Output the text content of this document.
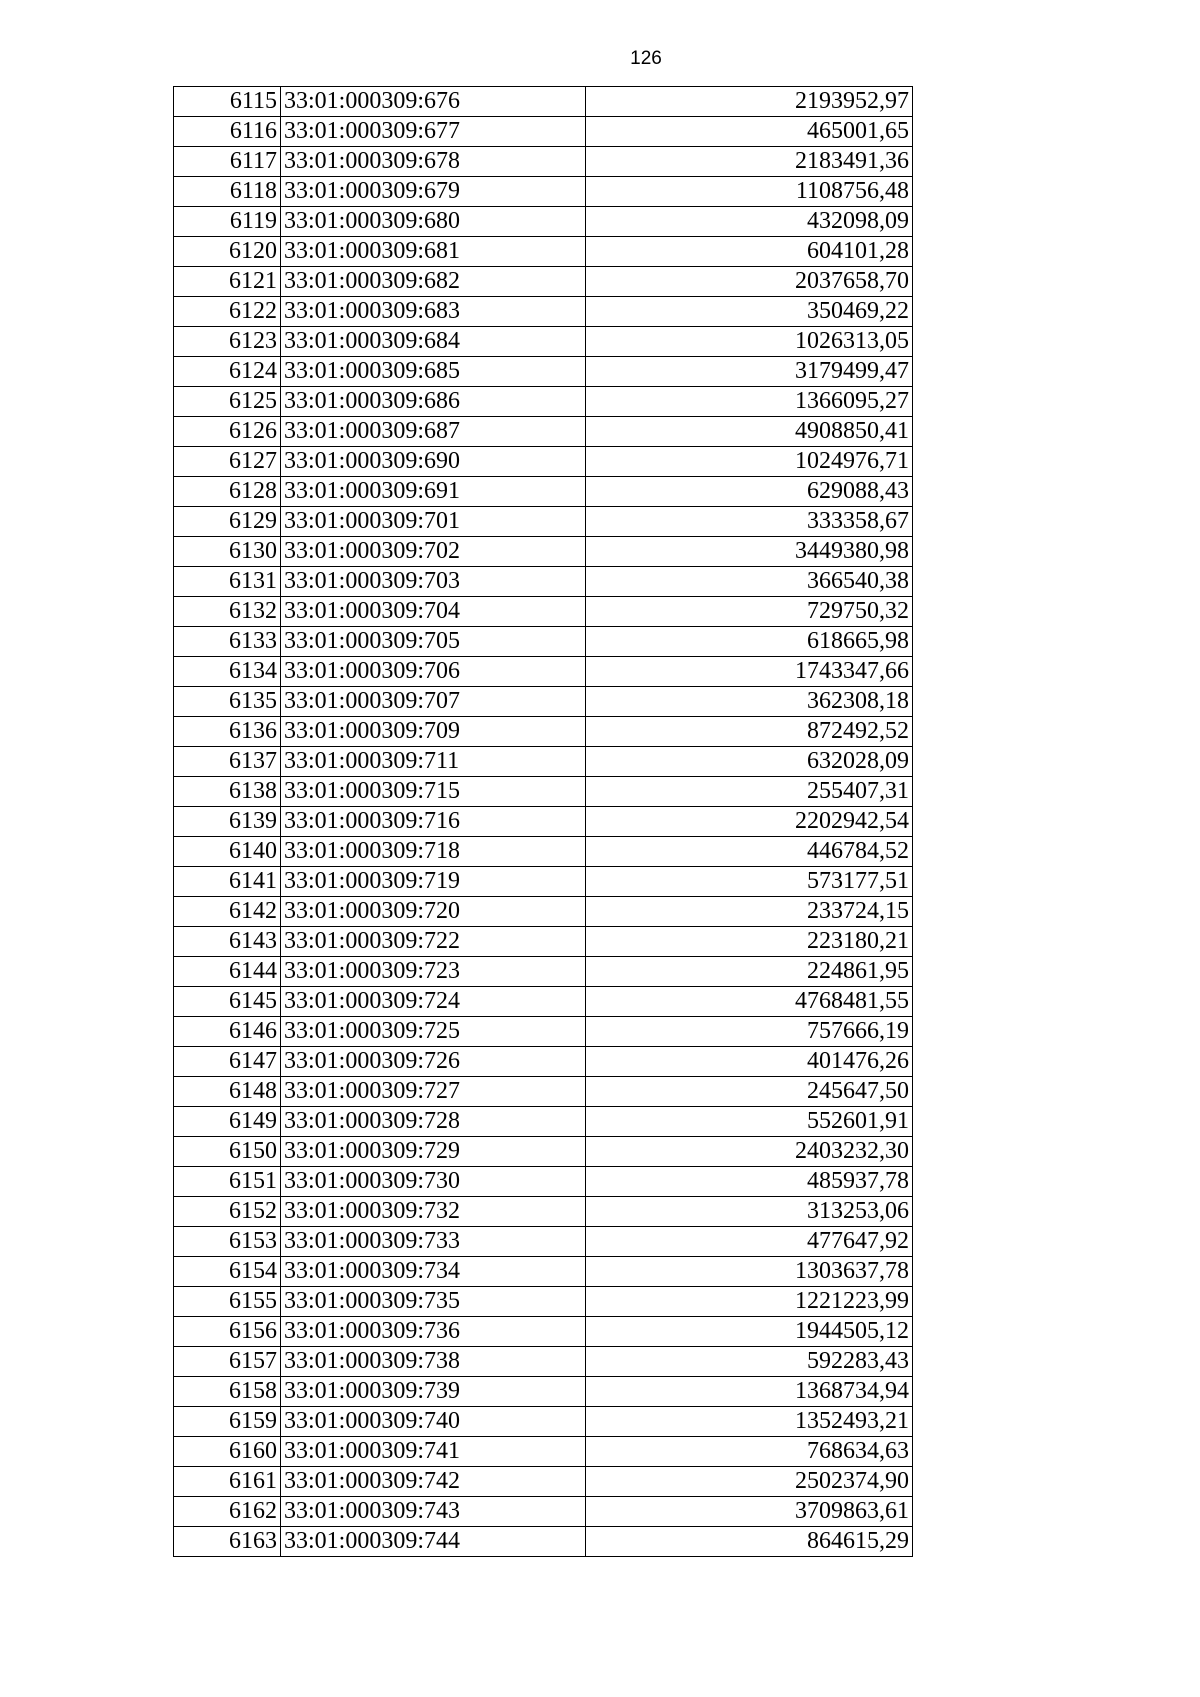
126
6115	33:01:000309:676	2193952,97
6116	33:01:000309:677	465001,65
6117	33:01:000309:678	2183491,36
6118	33:01:000309:679	1108756,48
6119	33:01:000309:680	432098,09
6120	33:01:000309:681	604101,28
6121	33:01:000309:682	2037658,70
6122	33:01:000309:683	350469,22
6123	33:01:000309:684	1026313,05
6124	33:01:000309:685	3179499,47
6125	33:01:000309:686	1366095,27
6126	33:01:000309:687	4908850,41
6127	33:01:000309:690	1024976,71
6128	33:01:000309:691	629088,43
6129	33:01:000309:701	333358,67
6130	33:01:000309:702	3449380,98
6131	33:01:000309:703	366540,38
6132	33:01:000309:704	729750,32
6133	33:01:000309:705	618665,98
6134	33:01:000309:706	1743347,66
6135	33:01:000309:707	362308,18
6136	33:01:000309:709	872492,52
6137	33:01:000309:711	632028,09
6138	33:01:000309:715	255407,31
6139	33:01:000309:716	2202942,54
6140	33:01:000309:718	446784,52
6141	33:01:000309:719	573177,51
6142	33:01:000309:720	233724,15
6143	33:01:000309:722	223180,21
6144	33:01:000309:723	224861,95
6145	33:01:000309:724	4768481,55
6146	33:01:000309:725	757666,19
6147	33:01:000309:726	401476,26
6148	33:01:000309:727	245647,50
6149	33:01:000309:728	552601,91
6150	33:01:000309:729	2403232,30
6151	33:01:000309:730	485937,78
6152	33:01:000309:732	313253,06
6153	33:01:000309:733	477647,92
6154	33:01:000309:734	1303637,78
6155	33:01:000309:735	1221223,99
6156	33:01:000309:736	1944505,12
6157	33:01:000309:738	592283,43
6158	33:01:000309:739	1368734,94
6159	33:01:000309:740	1352493,21
6160	33:01:000309:741	768634,63
6161	33:01:000309:742	2502374,90
6162	33:01:000309:743	3709863,61
6163	33:01:000309:744	864615,29
